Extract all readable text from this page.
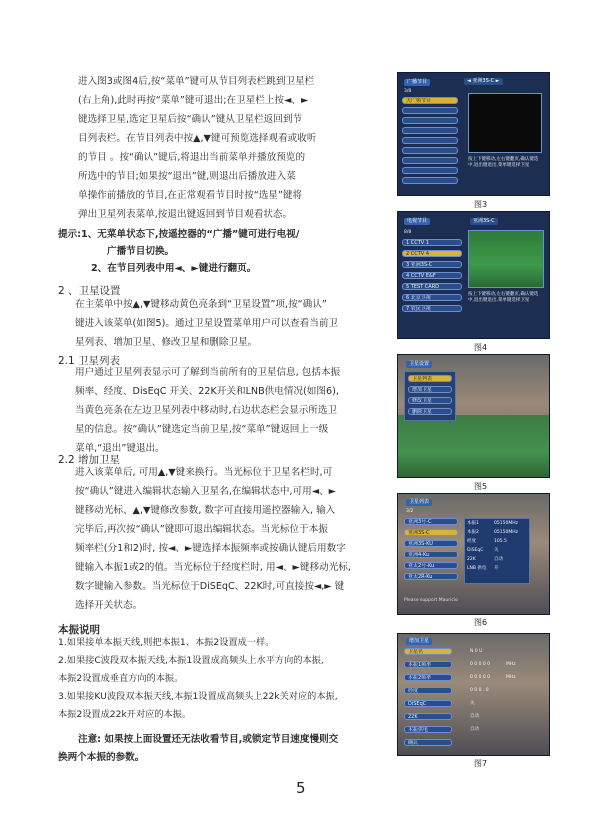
进入图3或图4后,按“菜单”键可从节目列表栏跳到卫星栏
(右上角),此时再按“菜单”键可退出;在卫星栏上按◄、►
键选择卫星,选定卫星后按“确认”键从卫星栏返回到节
目列表栏。在节目列表中按▲,▼键可预览选择观看或收听
的节目 。按“确认”键后,将退出当前菜单并播放预览的
所选中的节目;如果按“退出”键,则退出后播放进入菜
单操作前播放的节目,在正常观看节目时按“选星”键将
弹出卫星列表菜单,按退出键返回到节目观看状态。
提示:1、无菜单状态下,按遥控器的“广播”键可进行电视/
广播节目切换。
2、在节目列表中用◄、►键进行翻页。
2 、卫星设置
在主菜单中按▲,▼键移动黄色亮条到“卫星设置”项,按“确认”
键进入该菜单(如图5)。通过卫星设置菜单用户可以查看当前卫
星列表、增加卫星、修改卫星和删除卫星。
2.1 卫星列表
用户通过卫星列表显示可了解到当前所有的卫星信息, 包括本振
频率、经度、DisEqC 开关、22K开关和LNB供电情况(如图6),
当黄色亮条在左边卫星列表中移动时,右边状态栏会显示所选卫
星的信息。按“确认”键选定当前卫星,按“菜单”键返回上一级
菜单,“退出”键退出。
2.2 增加卫星
进入该菜单后, 可用▲,▼键来换行。当光标位于卫星名栏时,可
按“确认”键进入编辑状态输入卫星名,在编辑状态中,可用◄、►
键移动光标、▲,▼键修改参数, 数字可直接用遥控器输入, 输入
完毕后,再次按“确认”键即可退出编辑状态。当光标位于本振
频率栏(分1和2)时, 按◄、►键选择本振频率或按确认键后用数字
键输入本振1或2的值。当光标位于经度栏时, 用◄、►键移动光标,
数字键输入参数。当光标位于DiSEqC、22K时,可直接按◄,► 键
选择开关状态。
本振说明
1.如果接单本振天线,则把本振1、本振2设置成一样。
2.如果接C波段双本振天线,本振1设置成高频头上水平方向的本振,
本振2设置成垂直方向的本振。
3.如果接KU波段双本振天线,本振1设置成高频头上22k关对应的本振,
本振2设置成22k开对应的本振。
注意: 如果按上面设置还无法收看节目,或锁定节目速度慢则交
换两个本振的参数。
广播节目	◄ 亚洲3S-C ►
3/8
天广频节目
按上下键移动,左右键翻页,确认键选中,退出键退出,菜单键选择卫星
图3
电视节目	亚洲3S-C
8/8
1 CCTV 1
2 CCTV 4
3 亚洲3S-C
4 CCTV E&F
5 TEST CARD
6 北京卫视
7 农民卫视
按上下键移动,左右键翻页,确认键选中,退出键退出,菜单键选择卫星
图4
卫星设置
卫星列表
增加卫星
修改卫星
删除卫星
图5
卫星列表
3/2
亚洲3号-C
亚洲3S-C
亚洲3S-KU
亚洲4-Ku
亚太2号-Ku
亚太2R-Ku
本振1
本振2
经度
DiSEqC
22K
LNB 供电
05150MHz
05150MHz
105.5
关
自动
开
Please support Mauricio
图6
增加卫星
卫星名
本振1频率
本振2频率
经度
DiSEqC
22K
本振供电
确认
N 0 U
0 0 0 0 0
0 0 0 0 0
0 0 0 . 0
关
自动
自动
MHz
MHz
图7
5
